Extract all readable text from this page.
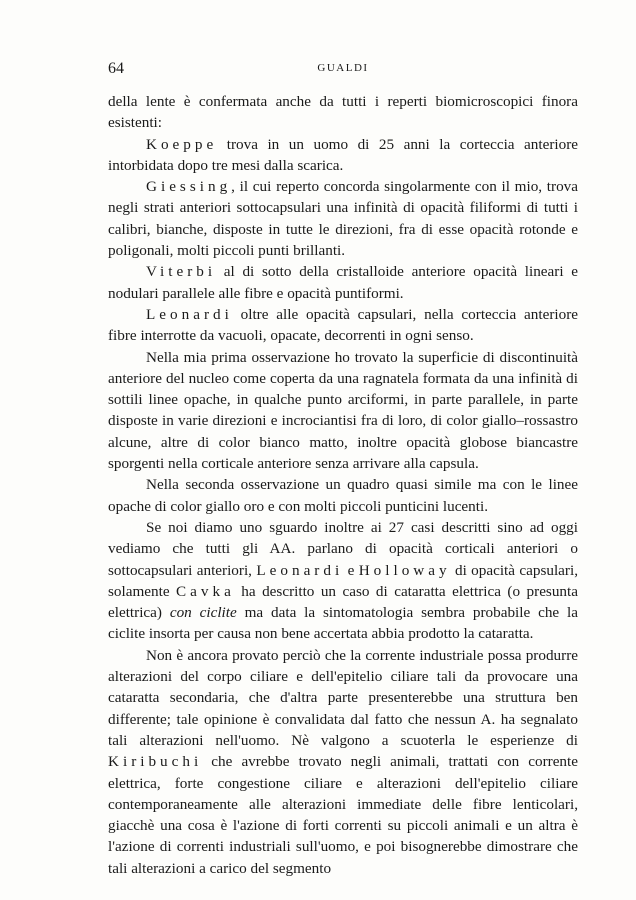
64	GUALDI

della lente è confermata anche da tutti i reperti biomicroscopici finora esistenti:

Koeppe trova in un uomo di 25 anni la corteccia anteriore intorbidata dopo tre mesi dalla scarica.

Giessing, il cui reperto concorda singolarmente con il mio, trova negli strati anteriori sottocapsulari una infinità di opacità filiformi di tutti i calibri, bianche, disposte in tutte le direzioni, fra di esse opacità rotonde e poligonali, molti piccoli punti brillanti.

Viterbi al di sotto della cristalloide anteriore opacità lineari e nodulari parallele alle fibre e opacità puntiformi.

Leonardi oltre alle opacità capsulari, nella corteccia anteriore fibre interrotte da vacuoli, opacate, decorrenti in ogni senso.

Nella mia prima osservazione ho trovato la superficie di discontinuità anteriore del nucleo come coperta da una ragnatela formata da una infinità di sottili linee opache, in qualche punto arciformi, in parte parallele, in parte disposte in varie direzioni e incrociantisi fra di loro, di color giallo–rossastro alcune, altre di color bianco matto, inoltre opacità globose biancastre sporgenti nella corticale anteriore senza arrivare alla capsula.

Nella seconda osservazione un quadro quasi simile ma con le linee opache di color giallo oro e con molti piccoli punticini lucenti.

Se noi diamo uno sguardo inoltre ai 27 casi descritti sino ad oggi vediamo che tutti gli AA. parlano di opacità corticali anteriori o sottocapsulari anteriori, Leonardi e Holloway di opacità capsulari, solamente Cavka ha descritto un caso di cataratta elettrica (o presunta elettrica) con ciclite ma data la sintomatologia sembra probabile che la ciclite insorta per causa non bene accertata abbia prodotto la cataratta.

Non è ancora provato perciò che la corrente industriale possa produrre alterazioni del corpo ciliare e dell'epitelio ciliare tali da provocare una cataratta secondaria, che d'altra parte presenterebbe una struttura ben differente; tale opinione è convalidata dal fatto che nessun A. ha segnalato tali alterazioni nell'uomo. Nè valgono a scuoterla le esperienze di Kiribuchi che avrebbe trovato negli animali, trattati con corrente elettrica, forte congestione ciliare e alterazioni dell'epitelio ciliare contemporaneamente alle alterazioni immediate delle fibre lenticolari, giacchè una cosa è l'azione di forti correnti su piccoli animali e un altra è l'azione di correnti industriali sull'uomo, e poi bisognerebbe dimostrare che tali alterazioni a carico del segmento
